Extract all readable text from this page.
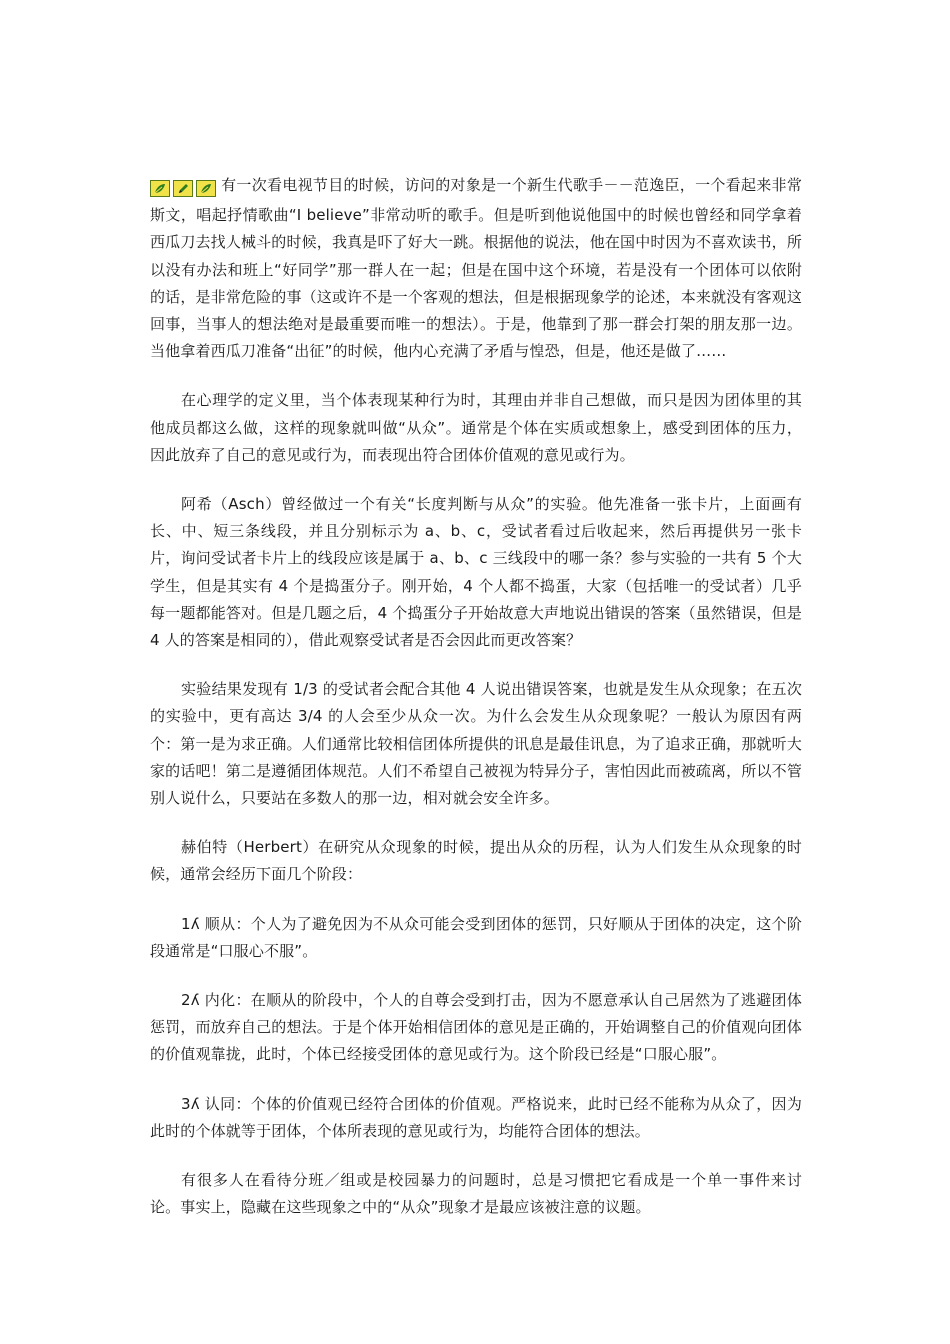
有一次看电视节目的时候，访问的对象是一个新生代歌手－－范逸臣，一个看起来非常斯文，唱起抒情歌曲“I believe”非常动听的歌手。但是听到他说他国中的时候也曾经和同学拿着西瓜刀去找人械斗的时候，我真是吓了好大一跳。根据他的说法，他在国中时因为不喜欢读书，所以没有办法和班上“好同学”那一群人在一起；但是在国中这个环境，若是没有一个团体可以依附的话，是非常危险的事（这或许不是一个客观的想法，但是根据现象学的论述，本来就没有客观这回事，当事人的想法绝对是最重要而唯一的想法）。于是，他靠到了那一群会打架的朋友那一边。当他拿着西瓜刀准备“出征”的时候，他内心充满了矛盾与惶恐，但是，他还是做了……

在心理学的定义里，当个体表现某种行为时，其理由并非自己想做，而只是因为团体里的其他成员都这么做，这样的现象就叫做“从众”。通常是个体在实质或想象上，感受到团体的压力，因此放弃了自己的意见或行为，而表现出符合团体价值观的意见或行为。

阿希（Asch）曾经做过一个有关“长度判断与从众”的实验。他先准备一张卡片，上面画有长、中、短三条线段，并且分别标示为 a、b、c，受试者看过后收起来，然后再提供另一张卡片，询问受试者卡片上的线段应该是属于 a、b、c 三线段中的哪一条？参与实验的一共有 5 个大学生，但是其实有 4 个是捣蛋分子。刚开始，4 个人都不捣蛋，大家（包括唯一的受试者）几乎每一题都能答对。但是几题之后，4 个捣蛋分子开始故意大声地说出错误的答案（虽然错误，但是 4 人的答案是相同的），借此观察受试者是否会因此而更改答案？

实验结果发现有 1/3 的受试者会配合其他 4 人说出错误答案，也就是发生从众现象；在五次的实验中，更有高达 3/4 的人会至少从众一次。为什么会发生从众现象呢？一般认为原因有两个：第一是为求正确。人们通常比较相信团体所提供的讯息是最佳讯息，为了追求正确，那就听大家的话吧！第二是遵循团体规范。人们不希望自己被视为特异分子，害怕因此而被疏离，所以不管别人说什么，只要站在多数人的那一边，相对就会安全许多。

赫伯特（Herbert）在研究从众现象的时候，提出从众的历程，认为人们发生从众现象的时候，通常会经历下面几个阶段：

1ʎ 顺从：个人为了避免因为不从众可能会受到团体的惩罚，只好顺从于团体的决定，这个阶段通常是“口服心不服”。

2ʎ 内化：在顺从的阶段中，个人的自尊会受到打击，因为不愿意承认自己居然为了逃避团体惩罚，而放弃自己的想法。于是个体开始相信团体的意见是正确的，开始调整自己的价值观向团体的价值观靠拢，此时，个体已经接受团体的意见或行为。这个阶段已经是“口服心服”。

3ʎ 认同：个体的价值观已经符合团体的价值观。严格说来，此时已经不能称为从众了，因为此时的个体就等于团体，个体所表现的意见或行为，均能符合团体的想法。

有很多人在看待分班／组或是校园暴力的问题时，总是习惯把它看成是一个单一事件来讨论。事实上，隐藏在这些现象之中的“从众”现象才是最应该被注意的议题。
